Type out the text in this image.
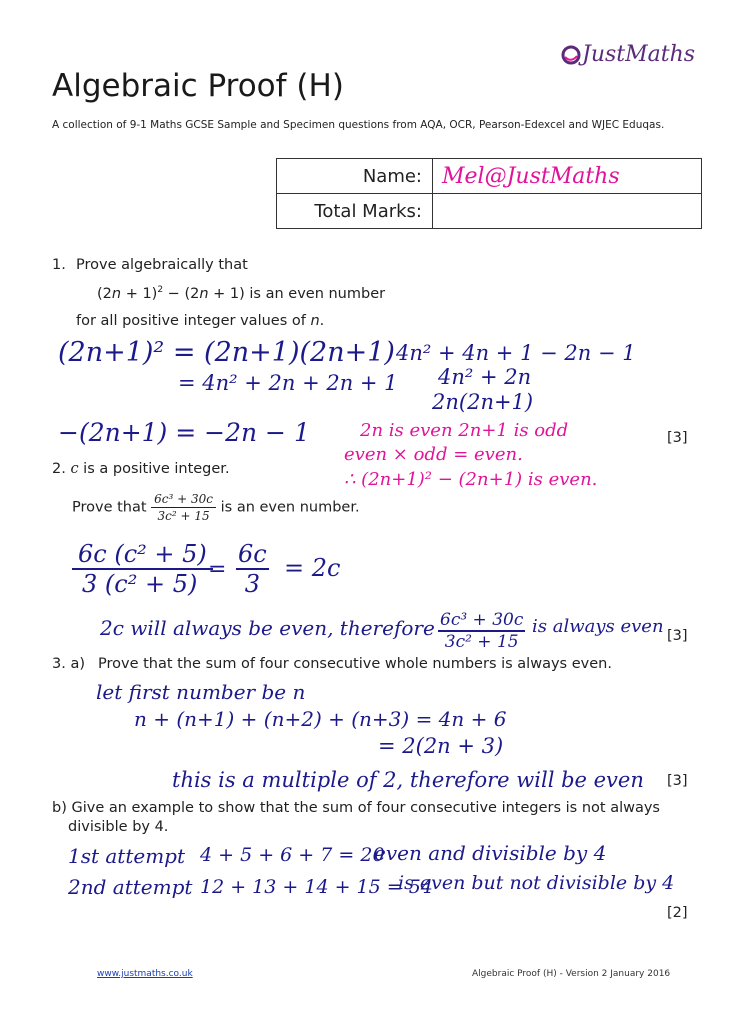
JustMaths
Algebraic Proof (H)
A collection of 9-1 Maths GCSE Sample and Specimen questions from AQA, OCR, Pearson-Edexcel and WJEC Eduqas.
Name:	Mel@JustMaths
Total Marks:	
1. Prove algebraically that
$(2n + 1)^2 - (2n + 1)$ is an even number
for all positive integer values of n.
(2n+1)² = (2n+1)(2n+1)
= 4n² + 2n + 2n + 1
−(2n+1) = −2n − 1
4n² + 4n + 1 − 2n − 1
4n² + 2n
2n(2n+1)
2n is even 2n+1 is odd
even × odd = even.
∴ (2n+1)² − (2n+1) is even.
[3]
2. c is a positive integer.
Prove that $\frac{\text{6c³ + 30c}}{\text{3c² + 15}}$ is an even number.
$\frac{\text{6c (c² + 5)}}{\text{3 (c² + 5)}}$
= $\frac{6c}{3} = 2c$
2c will always be even, therefore $\frac{\text{6c³ + 30c}}{\text{3c² + 15}}$ is always even [3]
3. a) Prove that the sum of four consecutive whole numbers is always even.
let first number be n
n + (n+1) + (n+2) + (n+3) = 4n + 6
= 2(2n + 3)
this is a multiple of 2, therefore will be even [3]
b) Give an example to show that the sum of four consecutive integers is not always
divisible by 4.
1st attempt 4 + 5 + 6 + 7 = 20
even and divisible by 4
2nd attempt 12 + 13 + 14 + 15 = 54
is even but not divisible by 4
[2]
www.justmaths.co.uk	Algebraic Proof (H) - Version 2 January 2016
